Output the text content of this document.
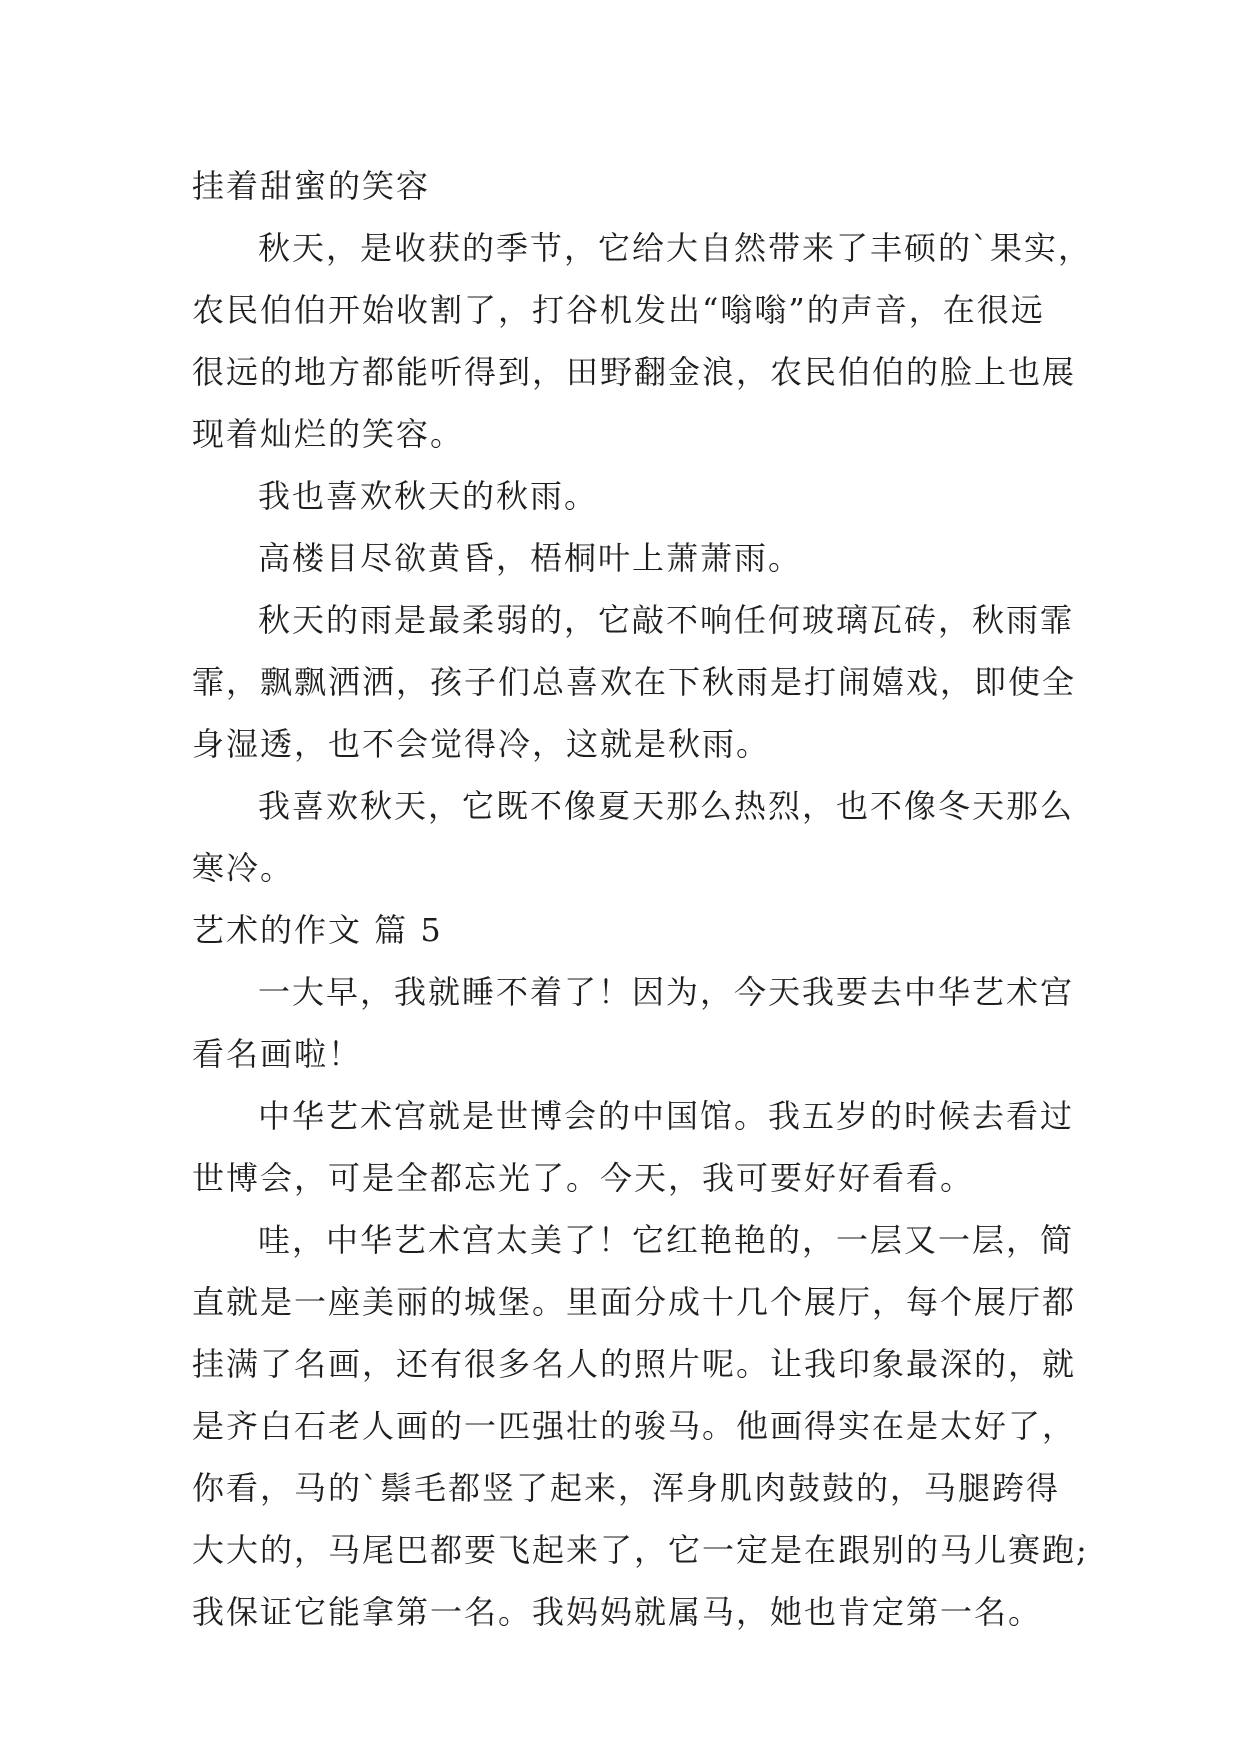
挂着甜蜜的笑容
秋天，是收获的季节，它给大自然带来了丰硕的`果实，
农民伯伯开始收割了，打谷机发出“嗡嗡”的声音，在很远
很远的地方都能听得到，田野翻金浪，农民伯伯的脸上也展
现着灿烂的笑容。
我也喜欢秋天的秋雨。
高楼目尽欲黄昏，梧桐叶上萧萧雨。
秋天的雨是最柔弱的，它敲不响任何玻璃瓦砖，秋雨霏
霏，飘飘洒洒，孩子们总喜欢在下秋雨是打闹嬉戏，即使全
身湿透，也不会觉得冷，这就是秋雨。
我喜欢秋天，它既不像夏天那么热烈，也不像冬天那么
寒冷。
艺术的作文 篇 5
一大早，我就睡不着了！因为，今天我要去中华艺术宫
看名画啦！
中华艺术宫就是世博会的中国馆。我五岁的时候去看过
世博会，可是全都忘光了。今天，我可要好好看看。
哇，中华艺术宫太美了！它红艳艳的，一层又一层，简
直就是一座美丽的城堡。里面分成十几个展厅，每个展厅都
挂满了名画，还有很多名人的照片呢。让我印象最深的，就
是齐白石老人画的一匹强壮的骏马。他画得实在是太好了，
你看，马的`鬃毛都竖了起来，浑身肌肉鼓鼓的，马腿跨得
大大的，马尾巴都要飞起来了，它一定是在跟别的马儿赛跑;
我保证它能拿第一名。我妈妈就属马，她也肯定第一名。
